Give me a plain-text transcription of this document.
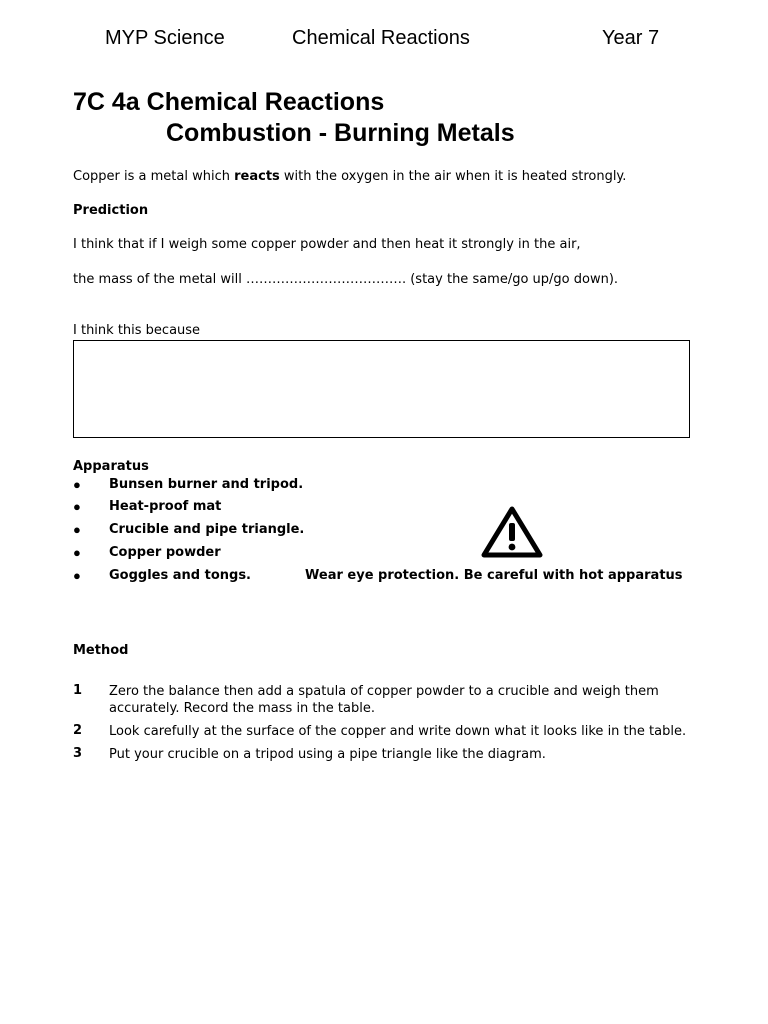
MYP Science	Chemical Reactions	Year 7
7C 4a Chemical Reactions
Combustion - Burning Metals
Copper is a metal which reacts with the oxygen in the air when it is heated strongly.
Prediction
I think that if I weigh some copper powder and then heat it strongly in the air,
the mass of the metal will ………………………………. (stay the same/go up/go down).
I think this because
Apparatus
● Bunsen burner and tripod.
● Heat-proof mat
● Crucible and pipe triangle.
● Copper powder
● Goggles and tongs.	Wear eye protection. Be careful with hot apparatus
Method
1 Zero the balance then add a spatula of copper powder to a crucible and weigh them accurately. Record the mass in the table.
2 Look carefully at the surface of the copper and write down what it looks like in the table.
3 Put your crucible on a tripod using a pipe triangle like the diagram.
